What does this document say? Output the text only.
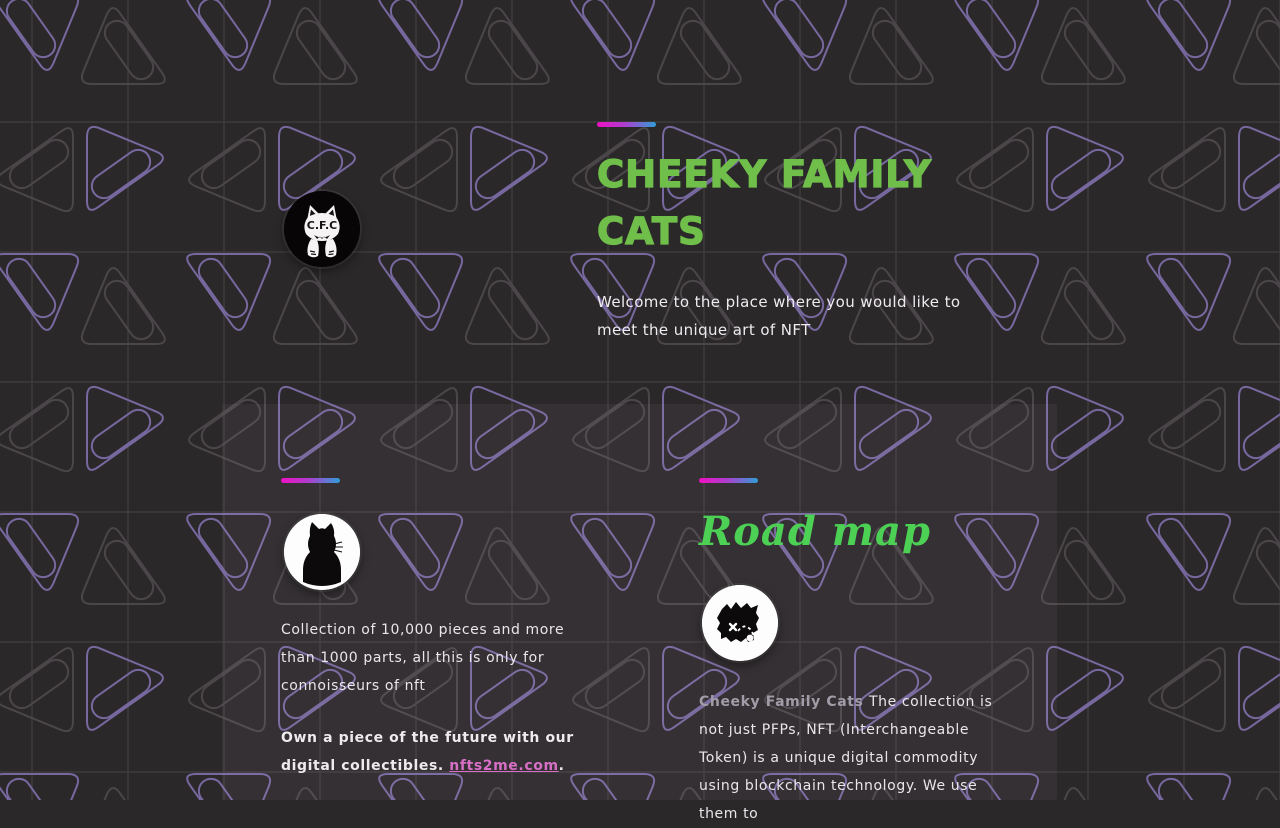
C.F.C
CHEEKY FAMILY CATS

Welcome to the place where you would like to meet the unique art of NFT

Collection of 10,000 pieces and more than 1000 parts, all this is only for connoisseurs of nft

Own a piece of the future with our digital collectibles. nfts2me.com.

Road map

Cheeky Family Cats The collection is not just PFPs, NFT (Interchangeable Token) is a unique digital commodity using blockchain technology. We use them to
